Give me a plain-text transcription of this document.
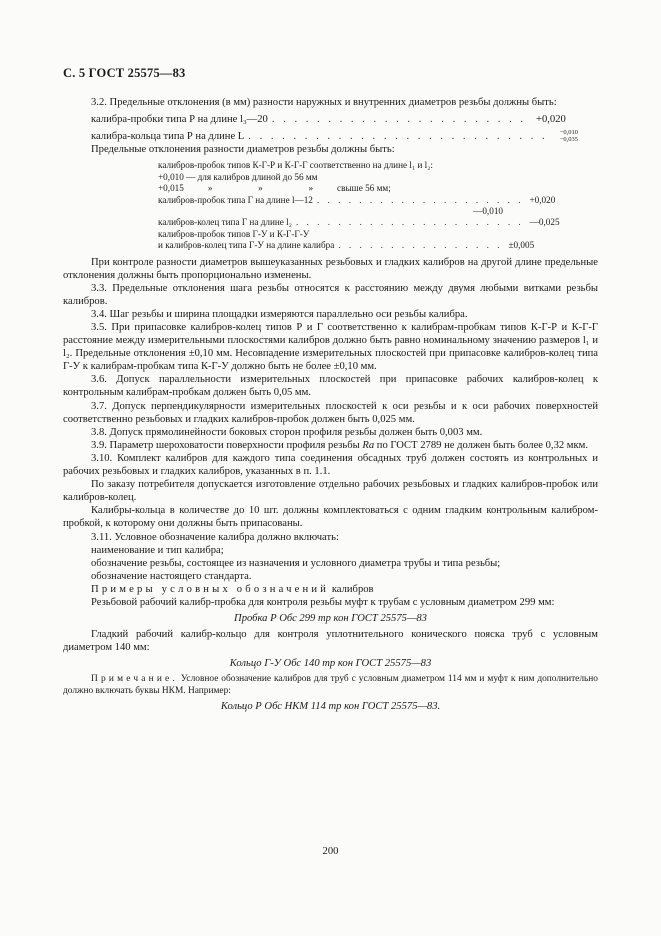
С. 5 ГОСТ 25575—83

3.2. Предельные отклонения (в мм) разности наружных и внутренних диаметров резьбы должны быть:

калибра-пробки типа Р на длине l₃—20 . . . . . . . . . . . . . . . . . . . . . . . +0,020
калибра-кольца типа Р на длине L . . . . . . . . . . . . . . . . . . . . . . . . . . . −0,010
−0,035

Предельные отклонения разности диаметров резьбы должны быть:

калибров-пробок типов К-Г-Р и К-Г-Г соответственно на длине l₁ и l₂:

+0,010 — для калибров длиной до 56 мм

+0,015	»	»	»	свыше 56 мм;

калибров-пробок типа Г на длине l—12 . . . . . . . . . . . . . . . . . . . . +0,020
—0,010
калибров-колец типа Г на длине l₂ . . . . . . . . . . . . . . . . . . . . . . —0,025

калибров-пробок типов Г-У и К-Г-Г-У

и калибров-колец типа Г-У на длине калибра . . . . . . . . . . . . . . . . ±0,005

При контроле разности диаметров вышеуказанных резьбовых и гладких калибров на другой длине предельные отклонения должны быть пропорционально изменены.

3.3. Предельные отклонения шага резьбы относятся к расстоянию между двумя любыми витками резьбы калибров.

3.4. Шаг резьбы и ширина площадки измеряются параллельно оси резьбы калибра.

3.5. При припасовке калибров-колец типов Р и Г соответственно к калибрам-пробкам типов К-Г-Р и К-Г-Г расстояние между измерительными плоскостями калибров должно быть равно номинальному значению размеров l₁ и l₂. Предельные отклонения ±0,10 мм. Несовпадение измерительных плоскостей при припасовке калибров-колец типа Г-У к калибрам-пробкам типа К-Г-У должно быть не более ±0,10 мм.

3.6. Допуск параллельности измерительных плоскостей при припасовке рабочих калибров-колец к контрольным калибрам-пробкам должен быть 0,05 мм.

3.7. Допуск перпендикулярности измерительных плоскостей к оси резьбы и к оси рабочих поверхностей соответственно резьбовых и гладких калибров-пробок должен быть 0,025 мм.

3.8. Допуск прямолинейности боковых сторон профиля резьбы должен быть 0,003 мм.

3.9. Параметр шероховатости поверхности профиля резьбы Ra по ГОСТ 2789 не должен быть более 0,32 мкм.

3.10. Комплект калибров для каждого типа соединения обсадных труб должен состоять из контрольных и рабочих резьбовых и гладких калибров, указанных в п. 1.1.

По заказу потребителя допускается изготовление отдельно рабочих резьбовых и гладких калибров-пробок или калибров-колец.

Калибры-кольца в количестве до 10 шт. должны комплектоваться с одним гладким контрольным калибром-пробкой, к которому они должны быть припасованы.

3.11. Условное обозначение калибра должно включать:

наименование и тип калибра;

обозначение резьбы, состоящее из назначения и условного диаметра трубы и типа резьбы;

обозначение настоящего стандарта.

Примеры условных обозначений калибров

Резьбовой рабочий калибр-пробка для контроля резьбы муфт к трубам с условным диаметром 299 мм:

Пробка Р Обс 299 тр кон ГОСТ 25575—83

Гладкий рабочий калибр-кольцо для контроля уплотнительного конического пояска труб с условным диаметром 140 мм:

Кольцо Г-У Обс 140 тр кон ГОСТ 25575—83

Примечание. Условное обозначение калибров для труб с условным диаметром 114 мм и муфт к ним дополнительно должно включать буквы НКМ. Например:

Кольцо Р Обс НКМ 114 тр кон ГОСТ 25575—83.

200
